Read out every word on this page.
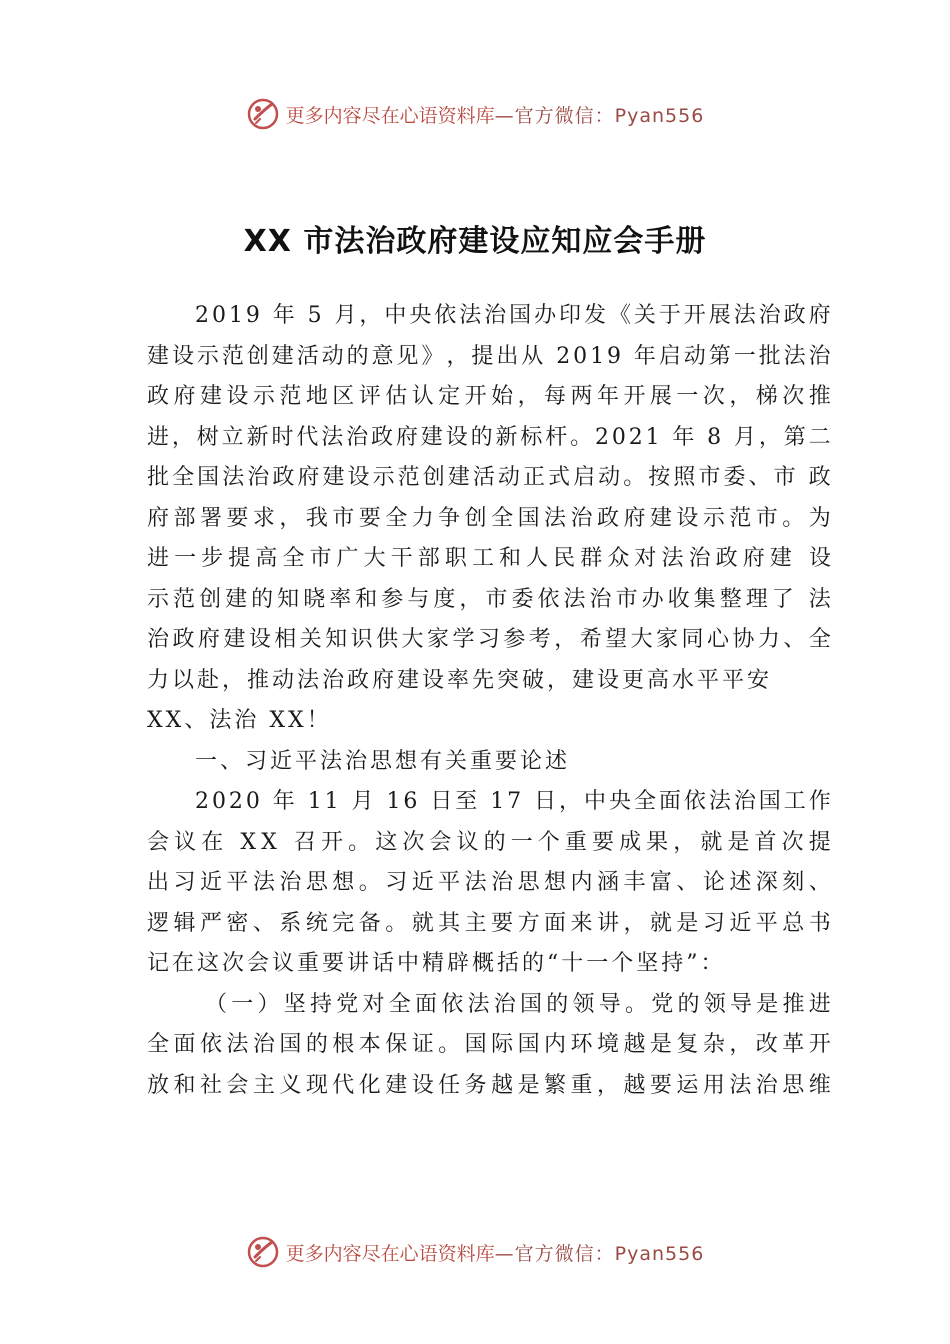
更多内容尽在心语资料库 —官方微信：Pyan556
XX 市法治政府建设应知应会手册
2 0 1 9
年
5
月 ， 中 央 依 法 治 国 办 印 发 《 关 于 开 展 法 治 政 府
建 设 示 范 创 建 活 动 的 意 见 》 ， 提 出 从
2 0 1 9
年 启 动 第 一 批 法 治
政 府 建 设 示 范 地 区 评 估 认 定 开 始 ， 每 两 年 开 展 一 次 ， 梯 次 推
进 ， 树 立 新 时 代 法 治 政 府 建 设 的 新 标 杆 。 2 0 2 1
年
8
月 ， 第 二
批 全 国 法 治 政 府 建 设 示 范 创 建 活 动 正 式 启 动 。 按 照 市 委 、 市
政
府 部 署 要 求 ， 我 市 要 全 力 争 创 全 国 法 治 政 府 建 设 示 范 市 。 为
进 一 步 提 高 全 市 广 大 干 部 职 工 和 人 民 群 众 对 法 治 政 府 建
设
示 范 创 建 的 知 晓 率 和 参 与 度 ， 市 委 依 法 治 市 办 收 集 整 理 了
法
治 政 府 建 设 相 关 知 识 供 大 家 学 习 参 考 ， 希 望 大 家 同 心 协 力 、 全
力以赴，推动法治政府建设率先突破，建设更高水平平安
XX、法治 XX！
一、习近平法治思想有关重要论述
2 0 2 0
年
1 1
月
1 6
日 至
1 7
日 ， 中 央 全 面 依 法 治 国 工 作
会 议 在
X X
召 开 。 这 次 会 议 的 一 个 重 要 成 果 ， 就 是 首 次 提
出 习 近 平 法 治 思 想 。 习 近 平 法 治 思 想 内 涵 丰 富 、 论 述 深 刻 、
逻 辑 严 密 、 系 统 完 备 。 就 其 主 要 方 面 来 讲 ， 就 是 习 近 平 总 书
记在这次会议重要讲话中精辟概括的“十一个坚持”：
（ 一 ） 坚 持 党 对 全 面 依 法 治 国 的 领 导 。 党 的 领 导 是 推 进
全 面 依 法 治 国 的 根 本 保 证 。 国 际 国 内 环 境 越 是 复 杂 ， 改 革 开
放 和 社 会 主 义 现 代 化 建 设 任 务 越 是 繁 重 ， 越 要 运 用 法 治 思 维
更多内容尽在心语资料库 —官方微信：Pyan556
